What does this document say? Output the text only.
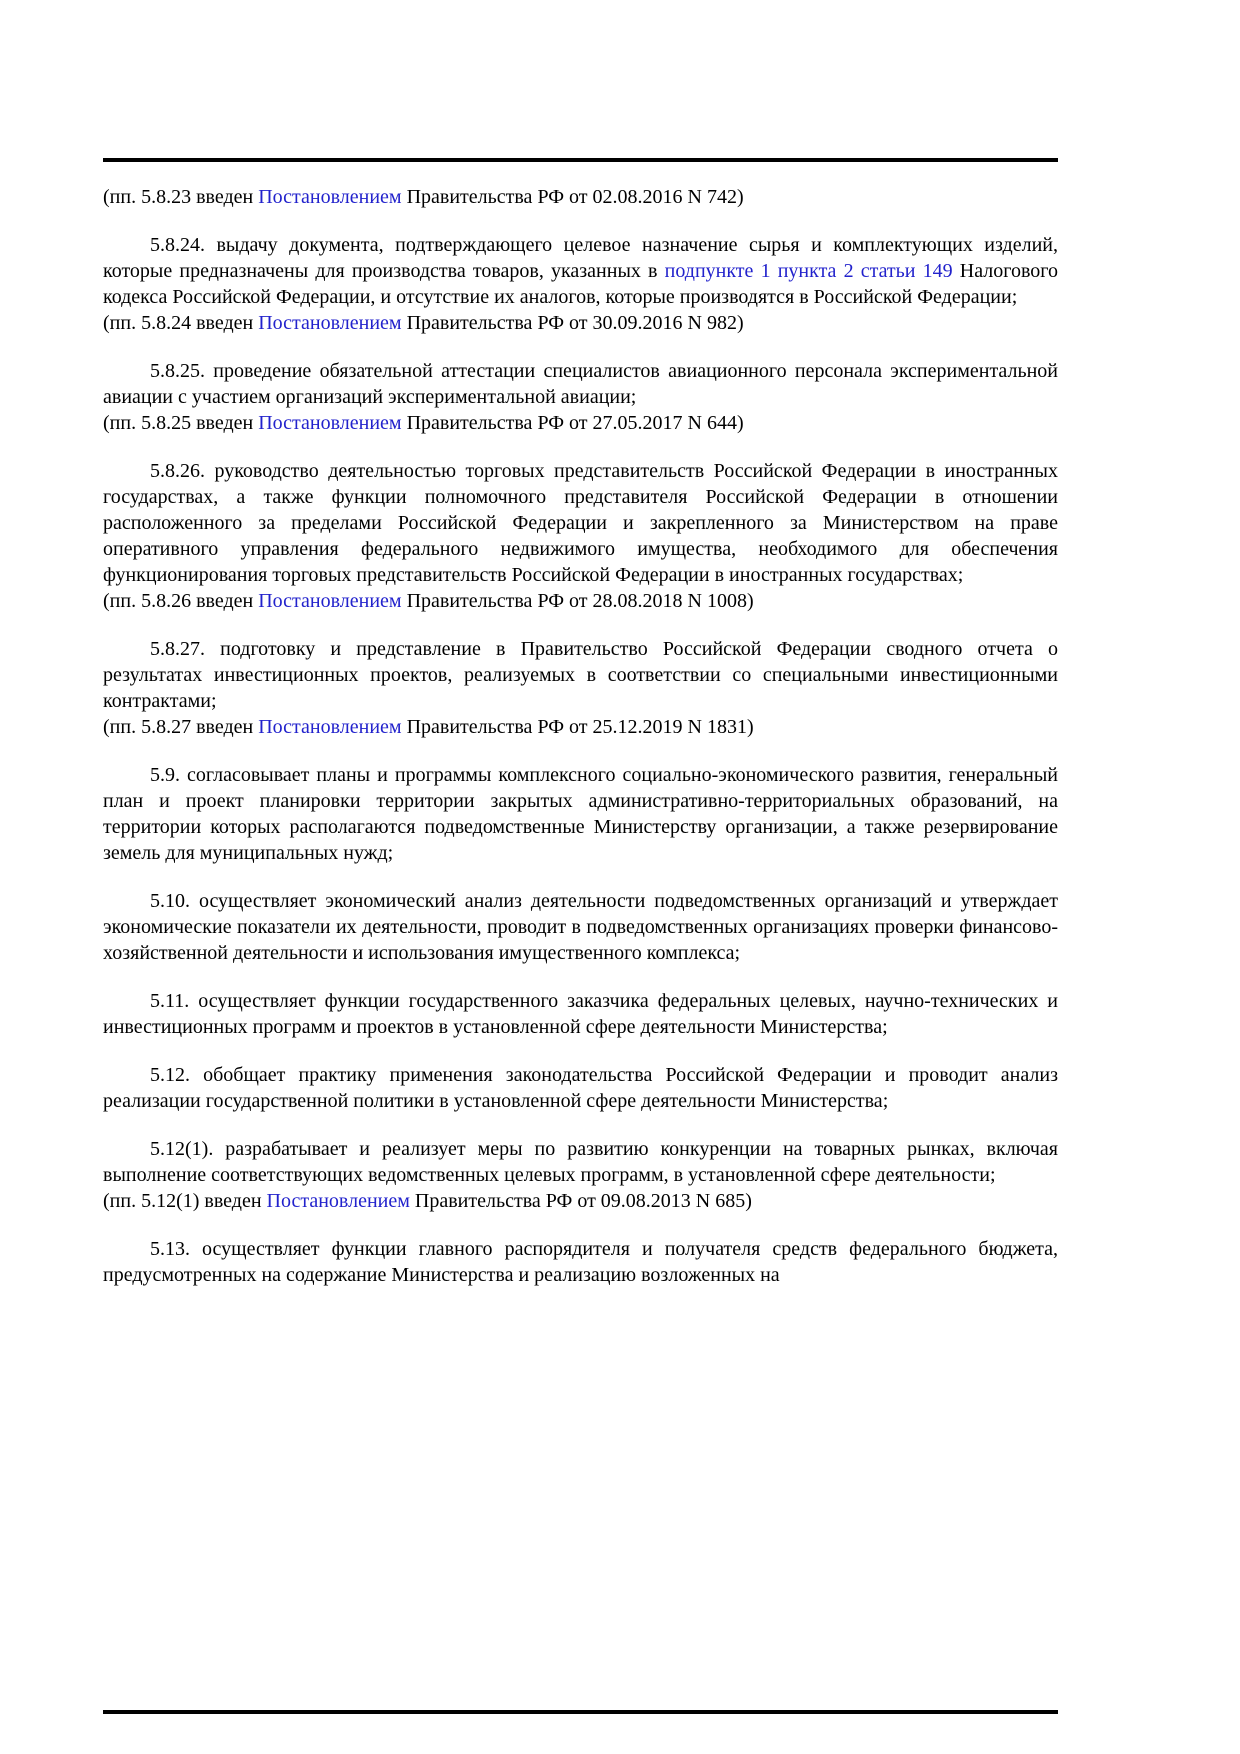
(пп. 5.8.23 введен Постановлением Правительства РФ от 02.08.2016 N 742)

5.8.24. выдачу документа, подтверждающего целевое назначение сырья и комплектующих изделий, которые предназначены для производства товаров, указанных в подпункте 1 пункта 2 статьи 149 Налогового кодекса Российской Федерации, и отсутствие их аналогов, которые производятся в Российской Федерации;

(пп. 5.8.24 введен Постановлением Правительства РФ от 30.09.2016 N 982)

5.8.25. проведение обязательной аттестации специалистов авиационного персонала экспериментальной авиации с участием организаций экспериментальной авиации;

(пп. 5.8.25 введен Постановлением Правительства РФ от 27.05.2017 N 644)

5.8.26. руководство деятельностью торговых представительств Российской Федерации в иностранных государствах, а также функции полномочного представителя Российской Федерации в отношении расположенного за пределами Российской Федерации и закрепленного за Министерством на праве оперативного управления федерального недвижимого имущества, необходимого для обеспечения функционирования торговых представительств Российской Федерации в иностранных государствах;

(пп. 5.8.26 введен Постановлением Правительства РФ от 28.08.2018 N 1008)

5.8.27. подготовку и представление в Правительство Российской Федерации сводного отчета о результатах инвестиционных проектов, реализуемых в соответствии со специальными инвестиционными контрактами;

(пп. 5.8.27 введен Постановлением Правительства РФ от 25.12.2019 N 1831)

5.9. согласовывает планы и программы комплексного социально-экономического развития, генеральный план и проект планировки территории закрытых административно-территориальных образований, на территории которых располагаются подведомственные Министерству организации, а также резервирование земель для муниципальных нужд;

5.10. осуществляет экономический анализ деятельности подведомственных организаций и утверждает экономические показатели их деятельности, проводит в подведомственных организациях проверки финансово-хозяйственной деятельности и использования имущественного комплекса;

5.11. осуществляет функции государственного заказчика федеральных целевых, научно-технических и инвестиционных программ и проектов в установленной сфере деятельности Министерства;

5.12. обобщает практику применения законодательства Российской Федерации и проводит анализ реализации государственной политики в установленной сфере деятельности Министерства;

5.12(1). разрабатывает и реализует меры по развитию конкуренции на товарных рынках, включая выполнение соответствующих ведомственных целевых программ, в установленной сфере деятельности;

(пп. 5.12(1) введен Постановлением Правительства РФ от 09.08.2013 N 685)

5.13. осуществляет функции главного распорядителя и получателя средств федерального бюджета, предусмотренных на содержание Министерства и реализацию возложенных на
